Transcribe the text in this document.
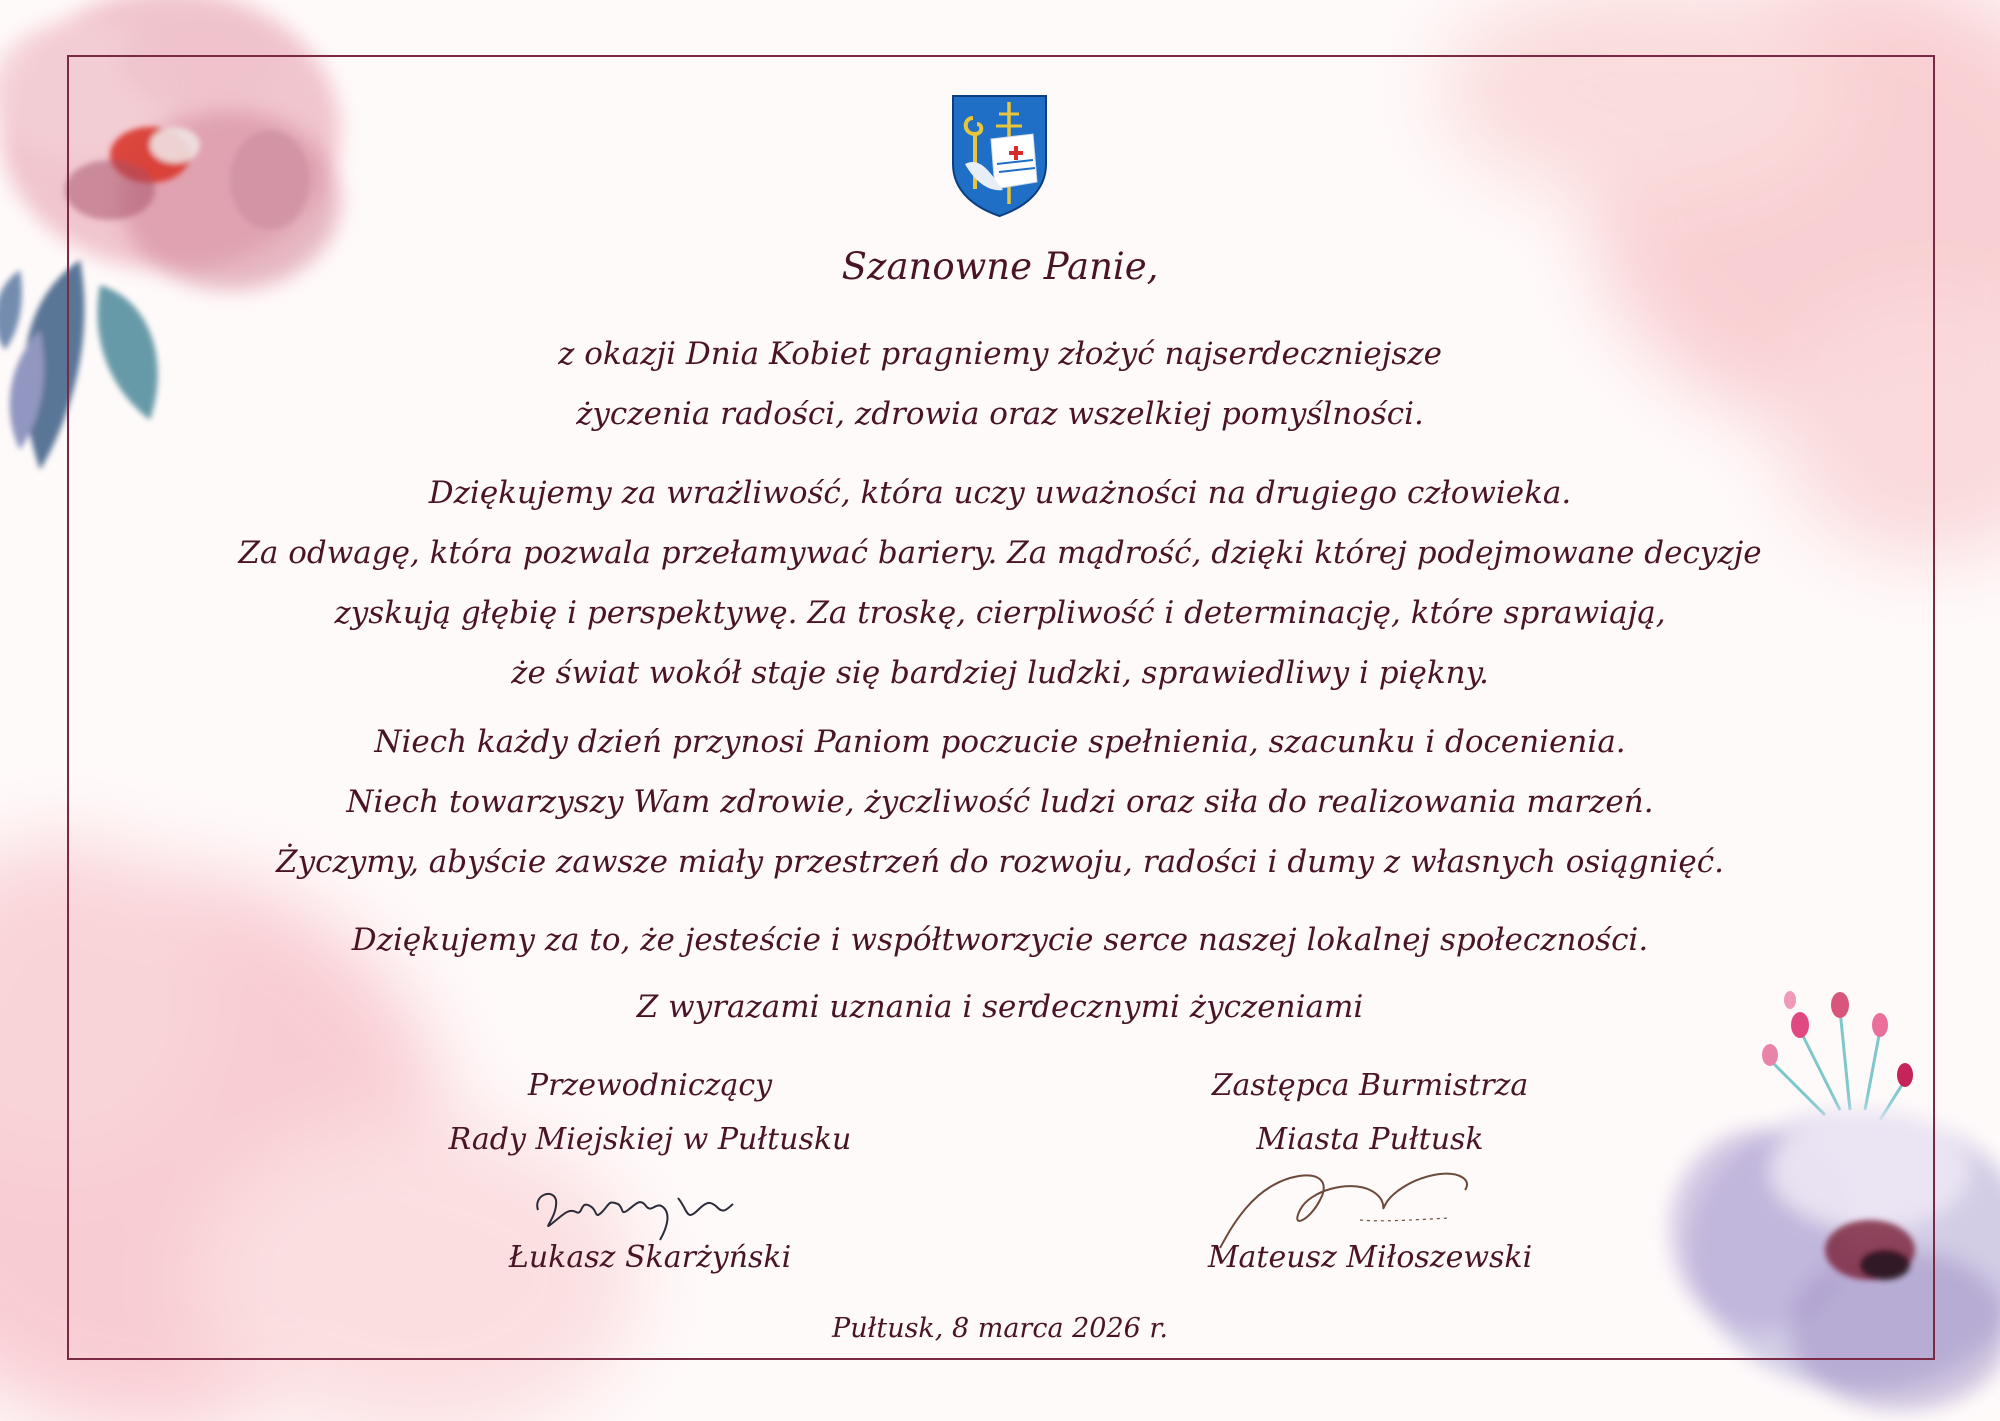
Szanowne Panie,
z okazji Dnia Kobiet pragniemy złożyć najserdeczniejsze
życzenia radości, zdrowia oraz wszelkiej pomyślności.
Dziękujemy za wrażliwość, która uczy uważności na drugiego człowieka.
Za odwagę, która pozwala przełamywać bariery. Za mądrość, dzięki której podejmowane decyzje
zyskują głębię i perspektywę. Za troskę, cierpliwość i determinację, które sprawiają,
że świat wokół staje się bardziej ludzki, sprawiedliwy i piękny.
Niech każdy dzień przynosi Paniom poczucie spełnienia, szacunku i docenienia.
Niech towarzyszy Wam zdrowie, życzliwość ludzi oraz siła do realizowania marzeń.
Życzymy, abyście zawsze miały przestrzeń do rozwoju, radości i dumy z własnych osiągnięć.
Dziękujemy za to, że jesteście i współtworzycie serce naszej lokalnej społeczności.
Z wyrazami uznania i serdecznymi życzeniami
Przewodniczący
Rady Miejskiej w Pułtusku
Zastępca Burmistrza
Miasta Pułtusk
Łukasz Skarżyński	Mateusz Miłoszewski
Pułtusk, 8 marca 2026 r.
